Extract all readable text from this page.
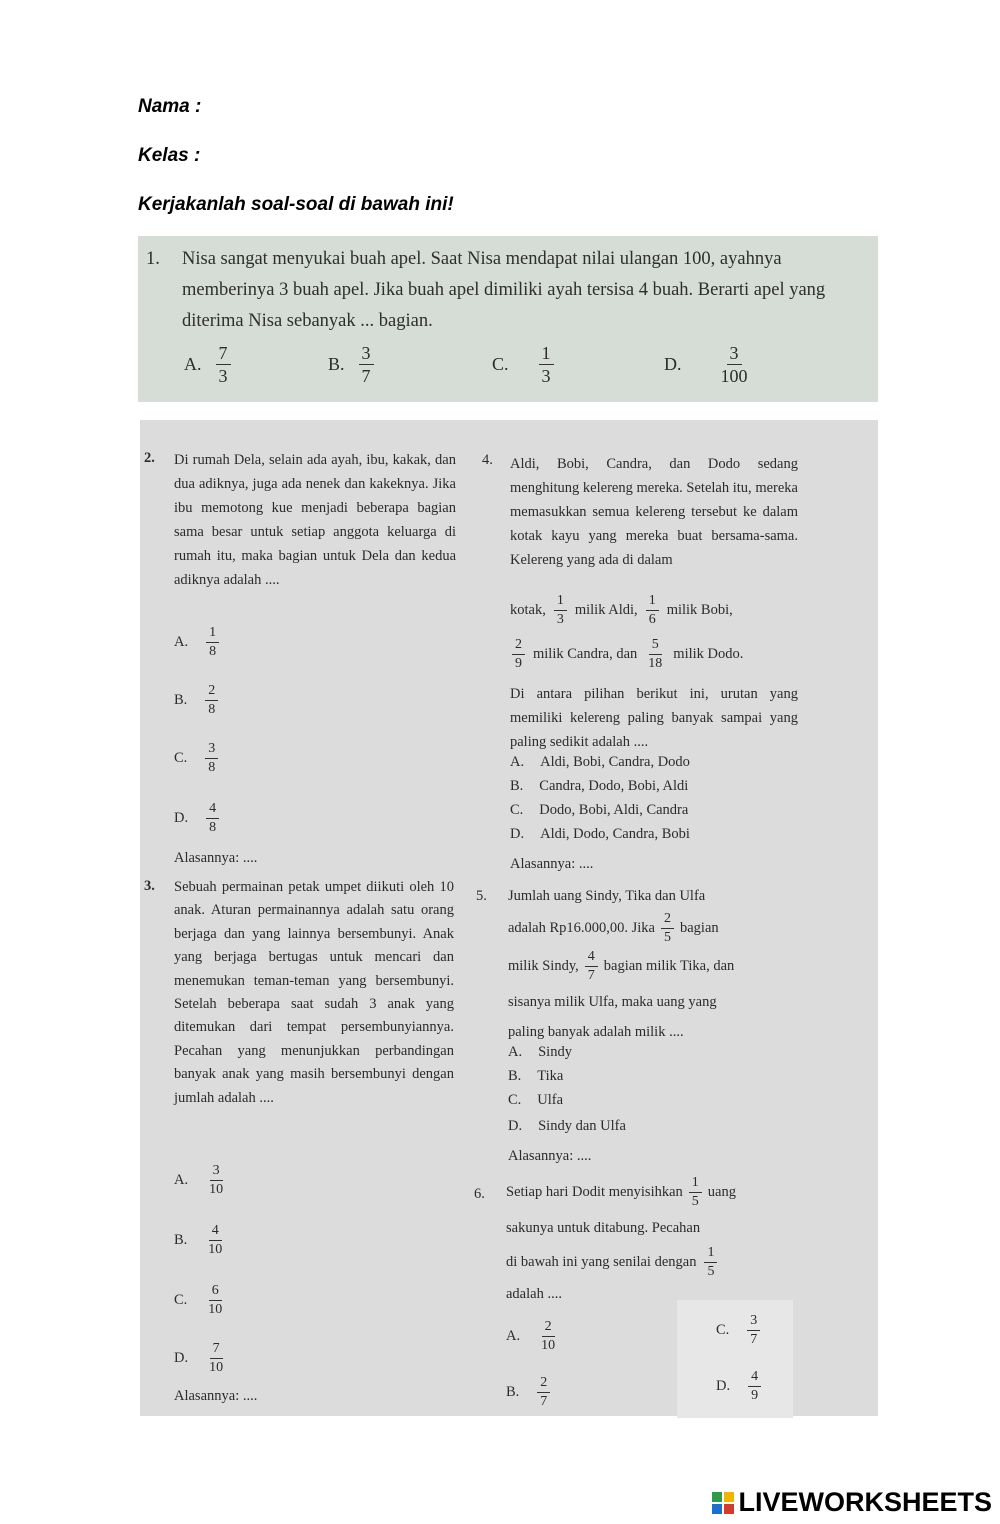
Nama :
Kelas :
Kerjakanlah soal-soal di bawah ini!
1. Nisa sangat menyukai buah apel. Saat Nisa mendapat nilai ulangan 100, ayahnya memberinya 3 buah apel. Jika buah apel dimiliki ayah tersisa 4 buah. Berarti apel yang diterima Nisa sebanyak ... bagian.
A. $\frac{7}{3}$	B. $\frac{3}{7}$	C. $\frac{1}{3}$	D. $\frac{3}{100}$
2. Di rumah Dela, selain ada ayah, ibu, kakak, dan dua adiknya, juga ada nenek dan kakeknya. Jika ibu memotong kue menjadi beberapa bagian sama besar untuk setiap anggota keluarga di rumah itu, maka bagian untuk Dela dan kedua adiknya adalah ....
A. $\frac{1}{8}$
B. $\frac{2}{8}$
C. $\frac{3}{8}$
D. $\frac{4}{8}$
Alasannya: ....
3. Sebuah permainan petak umpet diikuti oleh 10 anak. Aturan permainannya adalah satu orang berjaga dan yang lainnya bersembunyi. Anak yang berjaga bertugas untuk mencari dan menemukan teman-teman yang bersembunyi. Setelah beberapa saat sudah 3 anak yang ditemukan dari tempat persembunyiannya. Pecahan yang menunjukkan perbandingan banyak anak yang masih bersembunyi dengan jumlah adalah ....
A. $\frac{3}{10}$
B. $\frac{4}{10}$
C. $\frac{6}{10}$
D. $\frac{7}{10}$
Alasannya: ....
4. Aldi, Bobi, Candra, dan Dodo sedang menghitung kelereng mereka. Setelah itu, mereka memasukkan semua kelereng tersebut ke dalam kotak kayu yang mereka buat bersama-sama. Kelereng yang ada di dalam
kotak, $\frac{1}{3}$ milik Aldi, $\frac{1}{6}$ milik Bobi,
$\frac{2}{9}$ milik Candra, dan $\frac{5}{18}$ milik Dodo.
Di antara pilihan berikut ini, urutan yang memiliki kelereng paling banyak sampai yang paling sedikit adalah ....
A. Aldi, Bobi, Candra, Dodo
B. Candra, Dodo, Bobi, Aldi
C. Dodo, Bobi, Aldi, Candra
D. Aldi, Dodo, Candra, Bobi
Alasannya: ....
5. Jumlah uang Sindy, Tika dan Ulfa
adalah Rp16.000,00. Jika $\frac{2}{5}$ bagian
milik Sindy, $\frac{4}{7}$ bagian milik Tika, dan
sisanya milik Ulfa, maka uang yang
paling banyak adalah milik ....
A. Sindy
B. Tika
C. Ulfa
D. Sindy dan Ulfa
Alasannya: ....
6. Setiap hari Dodit menyisihkan $\frac{1}{5}$ uang
sakunya untuk ditabung. Pecahan
di bawah ini yang senilai dengan $\frac{1}{5}$
adalah ....
A. $\frac{2}{10}$
B. $\frac{2}{7}$
C. $\frac{3}{7}$
D. $\frac{4}{9}$
LIVEWORKSHEETS
